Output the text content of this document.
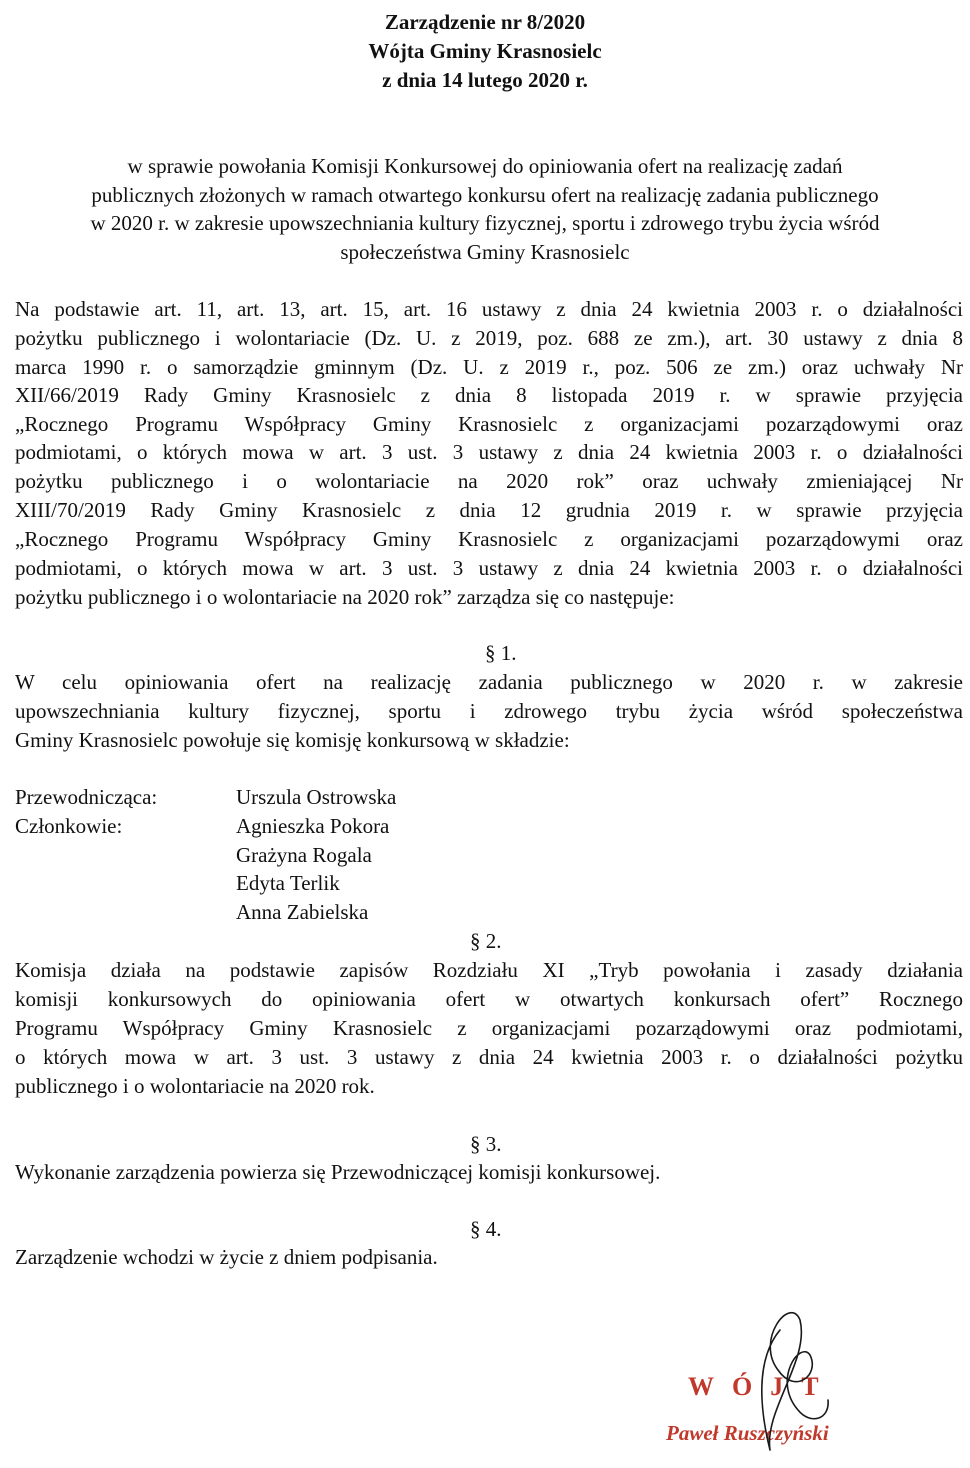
Zarządzenie nr 8/2020
Wójta Gminy Krasnosielc
z dnia 14 lutego 2020 r.
w sprawie powołania Komisji Konkursowej do opiniowania ofert na realizację zadań
publicznych złożonych w ramach otwartego konkursu ofert na realizację zadania publicznego
w 2020 r. w zakresie upowszechniania kultury fizycznej, sportu i zdrowego trybu życia wśród
społeczeństwa Gminy Krasnosielc
Na podstawie art. 11, art. 13, art. 15, art. 16 ustawy z dnia 24 kwietnia 2003 r. o działalności
pożytku publicznego i wolontariacie (Dz. U. z 2019, poz. 688 ze zm.), art. 30 ustawy z dnia 8
marca 1990 r. o samorządzie gminnym (Dz. U. z 2019 r., poz. 506 ze zm.) oraz uchwały Nr
XII/66/2019 Rady Gminy Krasnosielc z dnia 8 listopada 2019 r. w sprawie przyjęcia
„Rocznego Programu Współpracy Gminy Krasnosielc z organizacjami pozarządowymi oraz
podmiotami, o których mowa w art. 3 ust. 3 ustawy z dnia 24 kwietnia 2003 r. o działalności
pożytku publicznego i o wolontariacie na 2020 rok” oraz uchwały zmieniającej Nr
XIII/70/2019 Rady Gminy Krasnosielc z dnia 12 grudnia 2019 r. w sprawie przyjęcia
„Rocznego Programu Współpracy Gminy Krasnosielc z organizacjami pozarządowymi oraz
podmiotami, o których mowa w art. 3 ust. 3 ustawy z dnia 24 kwietnia 2003 r. o działalności
pożytku publicznego i o wolontariacie na 2020 rok” zarządza się co następuje:
§ 1.
W celu opiniowania ofert na realizację zadania publicznego w 2020 r. w zakresie
upowszechniania kultury fizycznej, sportu i zdrowego trybu życia wśród społeczeństwa
Gminy Krasnosielc powołuje się komisję konkursową w składzie:
Przewodnicząca:	Urszula Ostrowska
Członkowie:	Agnieszka Pokora
Grażyna Rogala
Edyta Terlik
Anna Zabielska
§ 2.
Komisja działa na podstawie zapisów Rozdziału XI „Tryb powołania i zasady działania
komisji konkursowych do opiniowania ofert w otwartych konkursach ofert” Rocznego
Programu Współpracy Gminy Krasnosielc z organizacjami pozarządowymi oraz podmiotami,
o których mowa w art. 3 ust. 3 ustawy z dnia 24 kwietnia 2003 r. o działalności pożytku
publicznego i o wolontariacie na 2020 rok.
§ 3.
Wykonanie zarządzenia powierza się Przewodniczącej komisji konkursowej.
§ 4.
Zarządzenie wchodzi w życie z dniem podpisania.
WÓJT
Paweł Ruszczyński
